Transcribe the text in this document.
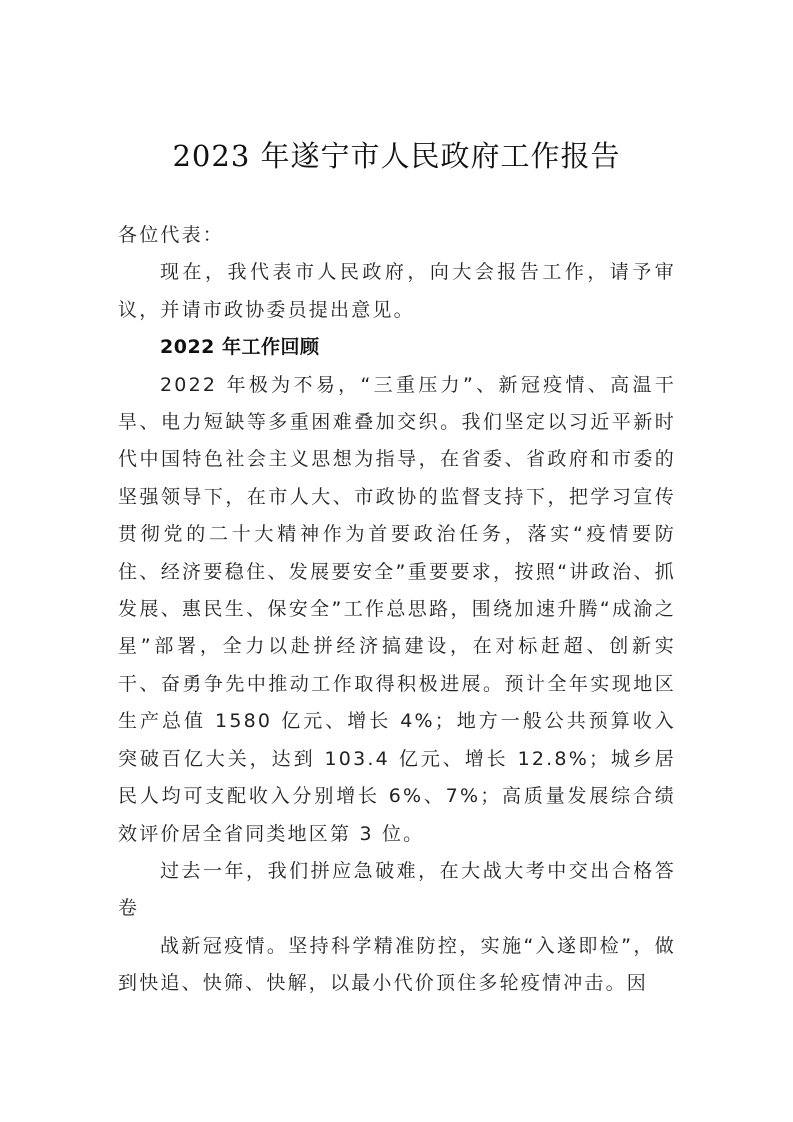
2023 年遂宁市人民政府工作报告

各位代表：

现在，我代表市人民政府，向大会报告工作，请予审议，并请市政协委员提出意见。

2022 年工作回顾

2022 年极为不易，“三重压力”、新冠疫情、高温干旱、电力短缺等多重困难叠加交织。我们坚定以习近平新时代中国特色社会主义思想为指导，在省委、省政府和市委的坚强领导下，在市人大、市政协的监督支持下，把学习宣传贯彻党的二十大精神作为首要政治任务，落实“疫情要防住、经济要稳住、发展要安全”重要要求，按照“讲政治、抓发展、惠民生、保安全”工作总思路，围绕加速升腾“成渝之星”部署，全力以赴拼经济搞建设，在对标赶超、创新实干、奋勇争先中推动工作取得积极进展。预计全年实现地区生产总值 1580 亿元、增长 4%；地方一般公共预算收入突破百亿大关，达到 103.4 亿元、增长 12.8%；城乡居民人均可支配收入分别增长 6%、7%；高质量发展综合绩效评价居全省同类地区第 3 位。

过去一年，我们拼应急破难，在大战大考中交出合格答卷

战新冠疫情。坚持科学精准防控，实施“入遂即检”，做到快追、快筛、快解，以最小代价顶住多轮疫情冲击。因
